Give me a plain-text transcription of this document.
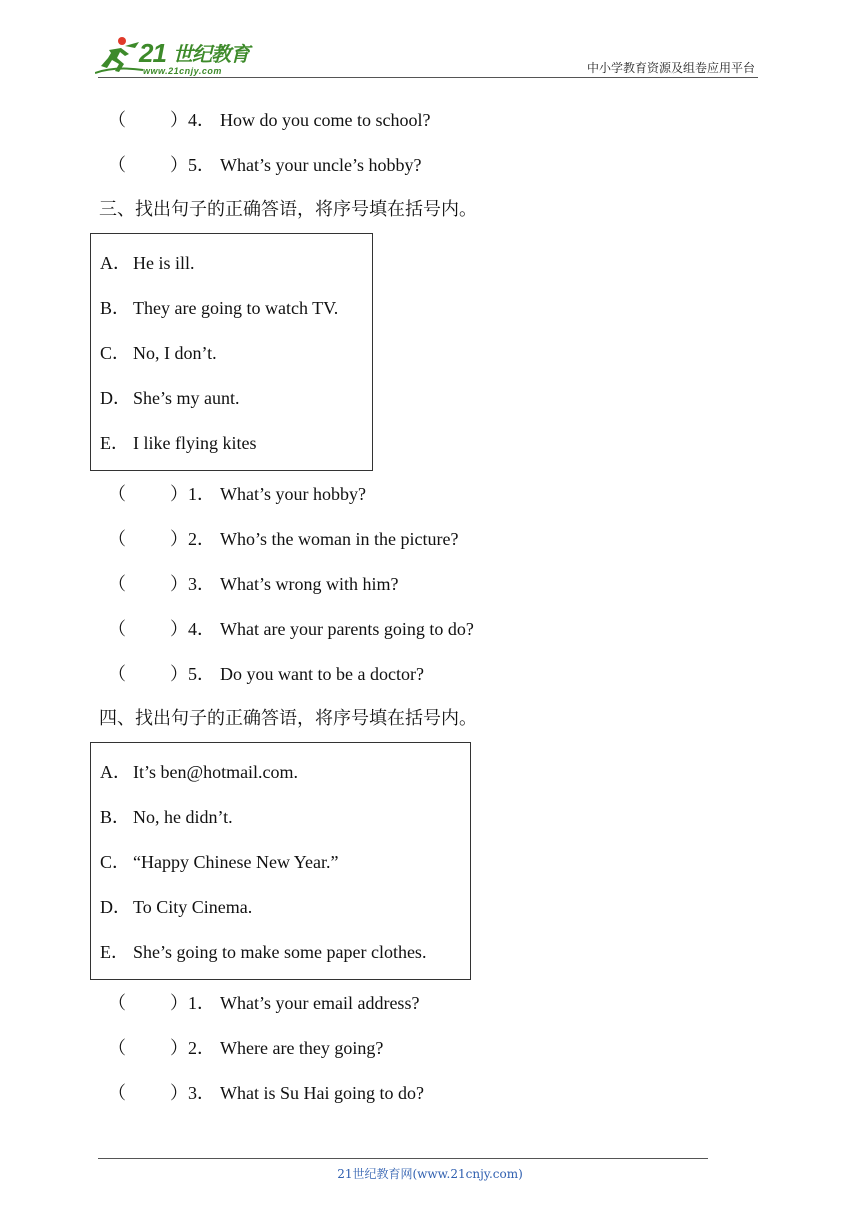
21 世纪教育
www.21cnjy.com	中小学教育资源及组卷应用平台
（ ）4． How do you come to school?
（ ）5． What’s your uncle’s hobby?
三、找出句子的正确答语，将序号填在括号内。
A． He is ill.
B． They are going to watch TV.
C． No, I don’t.
D． She’s my aunt.
E． I like flying kites
（ ）1． What’s your hobby?
（ ）2． Who’s the woman in the picture?
（ ）3． What’s wrong with him?
（ ）4． What are your parents going to do?
（ ）5． Do you want to be a doctor?
四、找出句子的正确答语，将序号填在括号内。
A． It’s ben@hotmail.com.
B． No, he didn’t.
C． “Happy Chinese New Year.”
D． To City Cinema.
E． She’s going to make some paper clothes.
（ ）1． What’s your email address?
（ ）2． Where are they going?
（ ）3． What is Su Hai going to do?
21世纪教育网(www.21cnjy.com)
